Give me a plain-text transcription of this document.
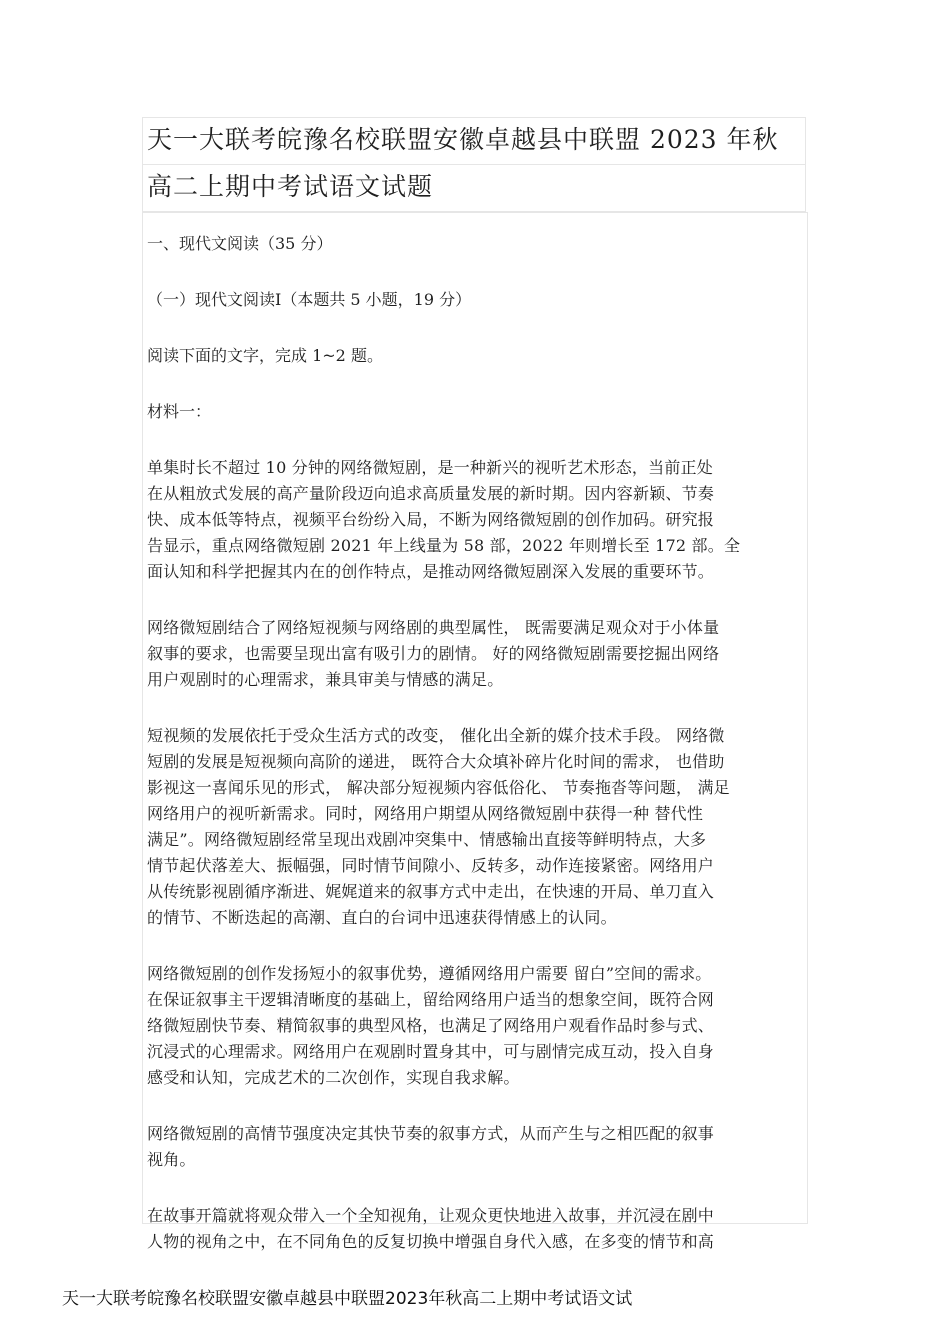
天一大联考皖豫名校联盟安徽卓越县中联盟 2023 年秋
高二上期中考试语文试题
一、现代文阅读（35 分）
（一）现代文阅读Ⅰ（本题共 5 小题，19 分）
阅读下面的文字，完成 1~2 题。
材料一：
单集时长不超过 10 分钟的网络微短剧，是一种新兴的视听艺术形态，当前正处
在从粗放式发展的高产量阶段迈向追求高质量发展的新时期。因内容新颖、节奏
快、成本低等特点，视频平台纷纷入局，不断为网络微短剧的创作加码。研究报
告显示，重点网络微短剧 2021 年上线量为 58 部，2022 年则增长至 172 部。全
面认知和科学把握其内在的创作特点，是推动网络微短剧深入发展的重要环节。
网络微短剧结合了网络短视频与网络剧的典型属性， 既需要满足观众对于小体量
叙事的要求，也需要呈现出富有吸引力的剧情。 好的网络微短剧需要挖掘出网络
用户观剧时的心理需求，兼具审美与情感的满足。
短视频的发展依托于受众生活方式的改变， 催化出全新的媒介技术手段。 网络微
短剧的发展是短视频向高阶的递进， 既符合大众填补碎片化时间的需求， 也借助
影视这一喜闻乐见的形式， 解决部分短视频内容低俗化、 节奏拖沓等问题， 满足
网络用户的视听新需求。同时，网络用户期望从网络微短剧中获得一种 替代性
满足”。网络微短剧经常呈现出戏剧冲突集中、情感输出直接等鲜明特点，大多
情节起伏落差大、振幅强，同时情节间隙小、反转多，动作连接紧密。网络用户
从传统影视剧循序渐进、娓娓道来的叙事方式中走出，在快速的开局、单刀直入
的情节、不断迭起的高潮、直白的台词中迅速获得情感上的认同。
网络微短剧的创作发扬短小的叙事优势，遵循网络用户需要 留白”空间的需求。
在保证叙事主干逻辑清晰度的基础上，留给网络用户适当的想象空间，既符合网
络微短剧快节奏、精简叙事的典型风格，也满足了网络用户观看作品时参与式、
沉浸式的心理需求。网络用户在观剧时置身其中，可与剧情完成互动，投入自身
感受和认知，完成艺术的二次创作，实现自我求解。
网络微短剧的高情节强度决定其快节奏的叙事方式，从而产生与之相匹配的叙事
视角。
在故事开篇就将观众带入一个全知视角，让观众更快地进入故事，并沉浸在剧中
人物的视角之中，在不同角色的反复切换中增强自身代入感，在多变的情节和高
天一大联考皖豫名校联盟安徽卓越县中联盟2023年秋高二上期中考试语文试
